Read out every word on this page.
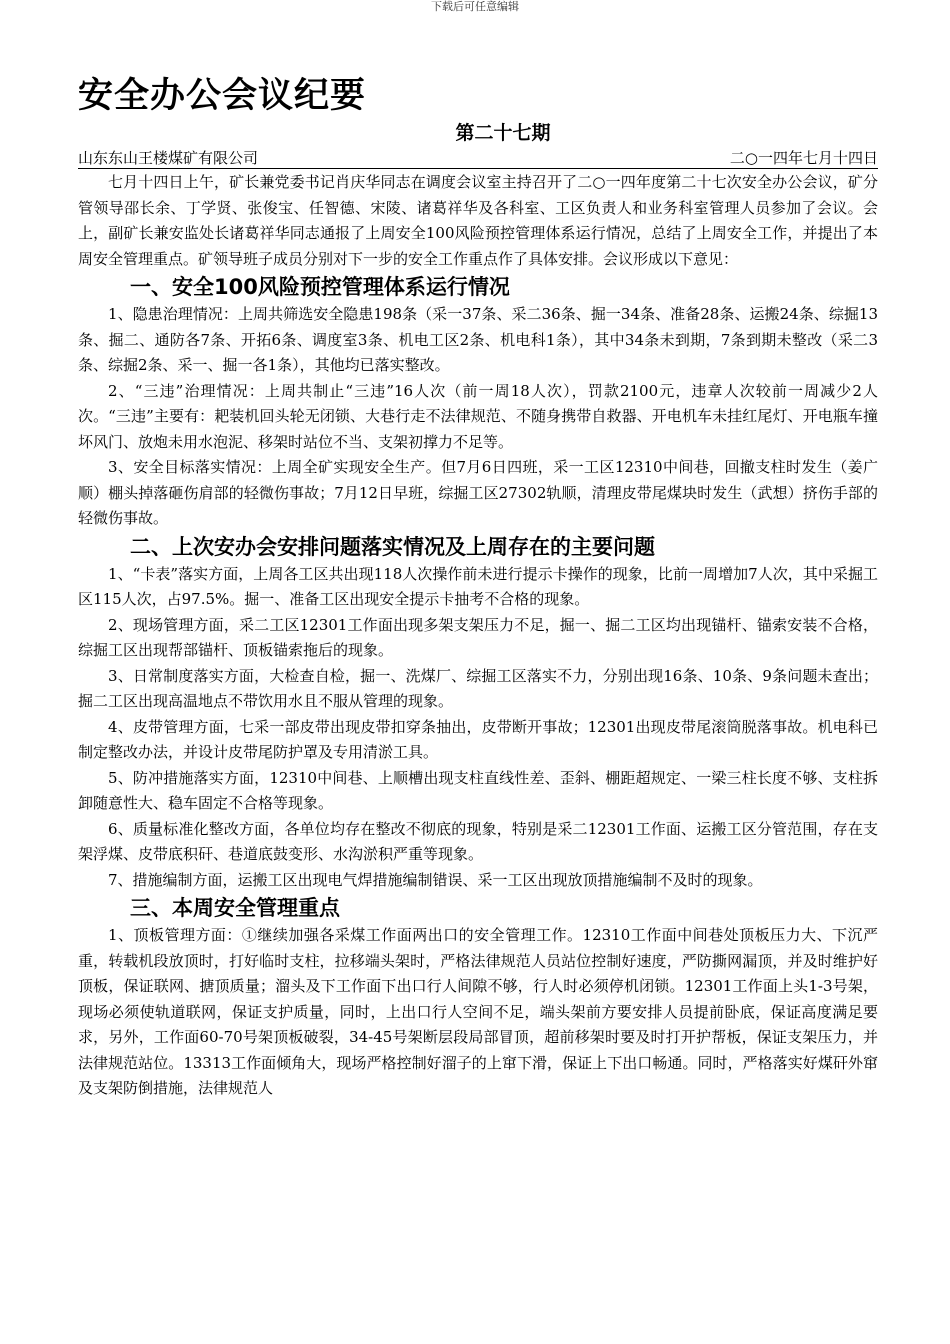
下载后可任意编辑
安全办公会议纪要
第二十七期
山东东山王楼煤矿有限公司	二○一四年七月十四日

七月十四日上午，矿长兼党委书记肖庆华同志在调度会议室主持召开了二○一四年度第二十七次安全办公会议，矿分管领导邵长余、丁学贤、张俊宝、任智德、宋陵、诸葛祥华及各科室、工区负责人和业务科室管理人员参加了会议。会上，副矿长兼安监处长诸葛祥华同志通报了上周安全100风险预控管理体系运行情况，总结了上周安全工作，并提出了本周安全管理重点。矿领导班子成员分别对下一步的安全工作重点作了具体安排。会议形成以下意见：

一、安全100风险预控管理体系运行情况

1、隐患治理情况：上周共筛选安全隐患198条（采一37条、采二36条、掘一34条、准备28条、运搬24条、综掘13条、掘二、通防各7条、开拓6条、调度室3条、机电工区2条、机电科1条），其中34条未到期，7条到期未整改（采二3条、综掘2条、采一、掘一各1条），其他均已落实整改。

2、“三违”治理情况：上周共制止“三违”16人次（前一周18人次），罚款2100元，违章人次较前一周减少2人次。“三违”主要有：耙装机回头轮无闭锁、大巷行走不法律规范、不随身携带自救器、开电机车未挂红尾灯、开电瓶车撞坏风门、放炮未用水泡泥、移架时站位不当、支架初撑力不足等。

3、安全目标落实情况：上周全矿实现安全生产。但7月6日四班，采一工区12310中间巷，回撤支柱时发生（姜广顺）棚头掉落砸伤肩部的轻微伤事故；7月12日早班，综掘工区27302轨顺，清理皮带尾煤块时发生（武想）挤伤手部的轻微伤事故。

二、上次安办会安排问题落实情况及上周存在的主要问题

1、“卡表”落实方面，上周各工区共出现118人次操作前未进行提示卡操作的现象，比前一周增加7人次，其中采掘工区115人次，占97.5%。掘一、准备工区出现安全提示卡抽考不合格的现象。

2、现场管理方面，采二工区12301工作面出现多架支架压力不足，掘一、掘二工区均出现锚杆、锚索安装不合格，综掘工区出现帮部锚杆、顶板锚索拖后的现象。

3、日常制度落实方面，大检查自检，掘一、洗煤厂、综掘工区落实不力，分别出现16条、10条、9条问题未查出；掘二工区出现高温地点不带饮用水且不服从管理的现象。

4、皮带管理方面，七采一部皮带出现皮带扣穿条抽出，皮带断开事故；12301出现皮带尾滚筒脱落事故。机电科已制定整改办法，并设计皮带尾防护罩及专用清淤工具。

5、防冲措施落实方面，12310中间巷、上顺槽出现支柱直线性差、歪斜、棚距超规定、一梁三柱长度不够、支柱拆卸随意性大、稳车固定不合格等现象。

6、质量标准化整改方面，各单位均存在整改不彻底的现象，特别是采二12301工作面、运搬工区分管范围，存在支架浮煤、皮带底积矸、巷道底鼓变形、水沟淤积严重等现象。

7、措施编制方面，运搬工区出现电气焊措施编制错误、采一工区出现放顶措施编制不及时的现象。

三、本周安全管理重点

1、顶板管理方面：①继续加强各采煤工作面两出口的安全管理工作。12310工作面中间巷处顶板压力大、下沉严重，转载机段放顶时，打好临时支柱，拉移端头架时，严格法律规范人员站位控制好速度，严防撕网漏顶，并及时维护好顶板，保证联网、搪顶质量；溜头及下工作面下出口行人间隙不够，行人时必须停机闭锁。12301工作面上头1-3号架，现场必须使轨道联网，保证支护质量，同时，上出口行人空间不足，端头架前方要安排人员提前卧底，保证高度满足要求，另外，工作面60-70号架顶板破裂，34-45号架断层段局部冒顶，超前移架时要及时打开护帮板，保证支架压力，并法律规范站位。13313工作面倾角大，现场严格控制好溜子的上窜下滑，保证上下出口畅通。同时，严格落实好煤矸外窜及支架防倒措施，法律规范人
